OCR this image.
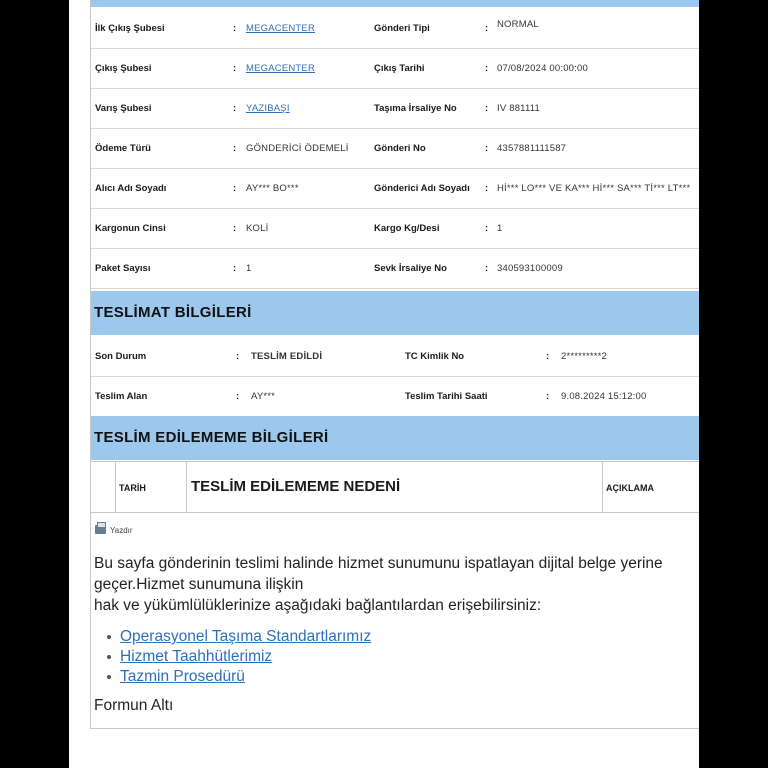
İlk Çıkış Şubesi	: MEGACENTER	Gönderi Tipi	: NORMAL
Çıkış Şubesi	: MEGACENTER	Çıkış Tarihi	: 07/08/2024 00:00:00
Varış Şubesi	: YAZIBAŞI	Taşıma İrsaliye No	: IV 881111
Ödeme Türü	: GÖNDERİCİ ÖDEMELİ	Gönderi No	: 4357881111587
Alıcı Adı Soyadı	: AY*** BO***	Gönderici Adı Soyadı : Hİ*** LO*** VE KA*** Hİ*** SA*** Tİ*** LT***
Kargonun Cinsi	: KOLİ	Kargo Kg/Desi	: 1
Paket Sayısı	: 1	Sevk İrsaliye No	: 340593100009
TESLİMAT BİLGİLERİ
Son Durum	: TESLİM EDİLDİ	TC Kimlik No	: 2*********2
Teslim Alan	: AY***	Teslim Tarihi Saati	: 9.08.2024 15:12:00
TESLİM EDİLEMEME BİLGİLERİ
TARİH	TESLİM EDİLEMEME NEDENİ	AÇIKLAMA
Yazdır
Bu sayfa gönderinin teslimi halinde hizmet sunumunu ispatlayan dijital belge yerine
geçer.Hizmet sunumuna ilişkin
hak ve yükümlülüklerinize aşağıdaki bağlantılardan erişebilirsiniz:
Operasyonel Taşıma Standartlarımız
Hizmet Taahhütlerimiz
Tazmin Prosedürü
Formun Altı
